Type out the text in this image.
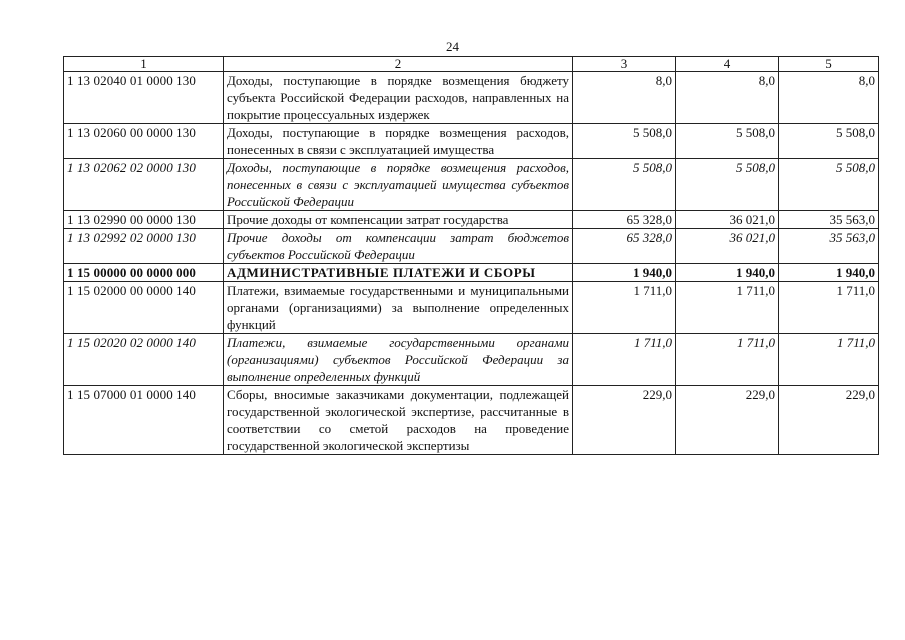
24
1	2	3	4	5
1 13 02040 01 0000 130	Доходы, поступающие в порядке возмещения бюджету субъекта Российской Федерации расходов, направленных на покрытие процессуальных издержек	8,0	8,0	8,0
1 13 02060 00 0000 130	Доходы, поступающие в порядке возмещения расходов, понесенных в связи с эксплуатацией имущества	5 508,0	5 508,0	5 508,0
1 13 02062 02 0000 130	Доходы, поступающие в порядке возмещения расходов, понесенных в связи с эксплуатацией имущества субъектов Российской Федерации	5 508,0	5 508,0	5 508,0
1 13 02990 00 0000 130	Прочие доходы от компенсации затрат государства	65 328,0	36 021,0	35 563,0
1 13 02992 02 0000 130	Прочие доходы от компенсации затрат бюджетов субъектов Российской Федерации	65 328,0	36 021,0	35 563,0
1 15 00000 00 0000 000	АДМИНИСТРАТИВНЫЕ ПЛАТЕЖИ И СБОРЫ	1 940,0	1 940,0	1 940,0
1 15 02000 00 0000 140	Платежи, взимаемые государственными и муниципальными органами (организациями) за выполнение определенных функций	1 711,0	1 711,0	1 711,0
1 15 02020 02 0000 140	Платежи, взимаемые государственными органами (организациями) субъектов Российской Федерации за выполнение определенных функций	1 711,0	1 711,0	1 711,0
1 15 07000 01 0000 140	Сборы, вносимые заказчиками документации, подлежащей государственной экологической экспертизе, рассчитанные в соответствии со сметой расходов на проведение государственной экологической экспертизы	229,0	229,0	229,0
